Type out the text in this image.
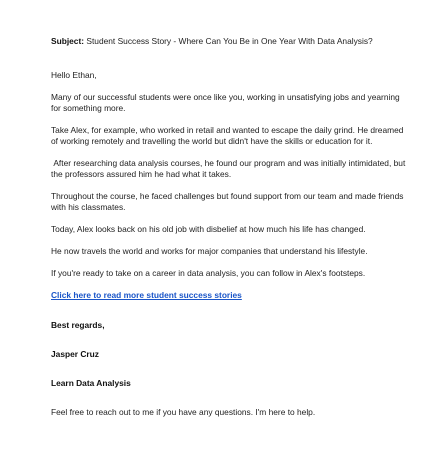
Subject: Student Success Story - Where Can You Be in One Year With Data Analysis?

Hello Ethan,

Many of our successful students were once like you, working in unsatisfying jobs and yearning for something more.

Take Alex, for example, who worked in retail and wanted to escape the daily grind. He dreamed of working remotely and travelling the world but didn't have the skills or education for it.

After researching data analysis courses, he found our program and was initially intimidated, but the professors assured him he had what it takes.

Throughout the course, he faced challenges but found support from our team and made friends with his classmates.

Today, Alex looks back on his old job with disbelief at how much his life has changed.

He now travels the world and works for major companies that understand his lifestyle.

If you're ready to take on a career in data analysis, you can follow in Alex's footsteps.

Click here to read more student success stories

Best regards,

Jasper Cruz

Learn Data Analysis

Feel free to reach out to me if you have any questions. I'm here to help.
